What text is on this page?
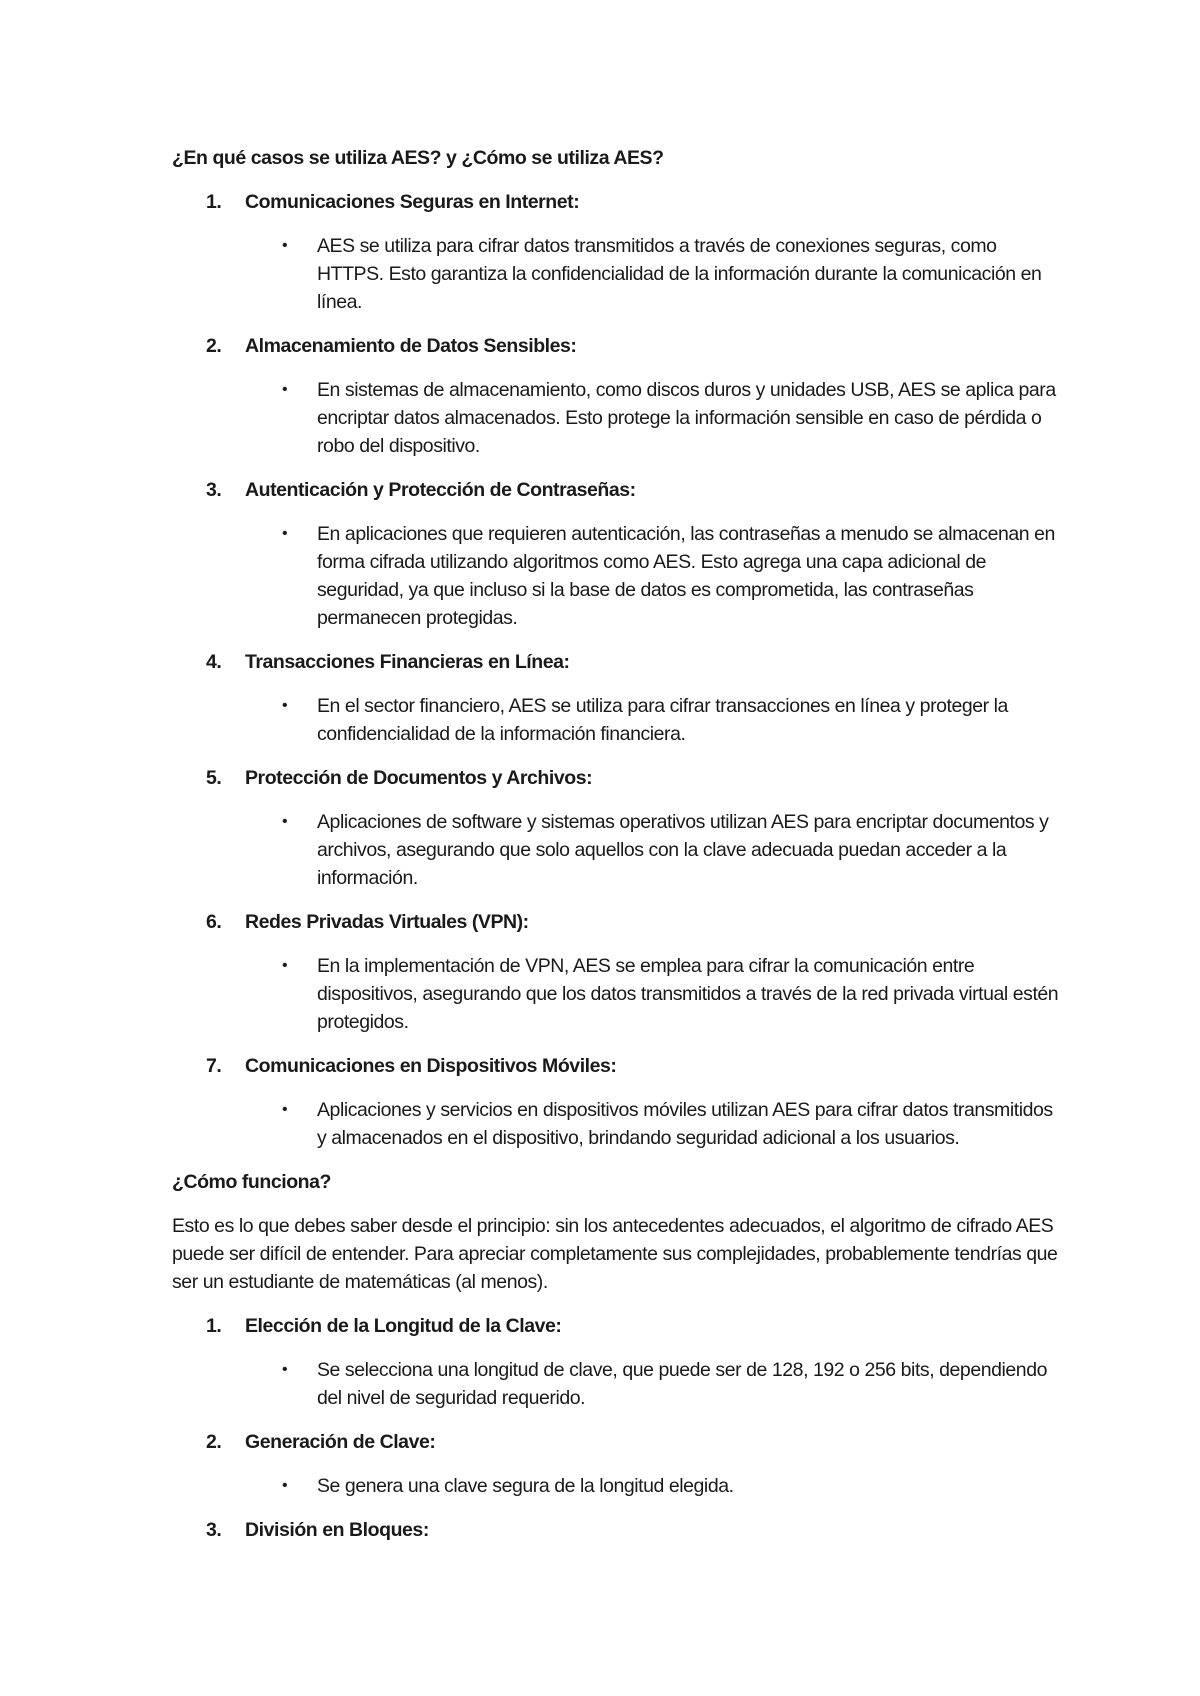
¿En qué casos se utiliza AES? y ¿Cómo se utiliza AES?
1. Comunicaciones Seguras en Internet:
• AES se utiliza para cifrar datos transmitidos a través de conexiones seguras, como HTTPS. Esto garantiza la confidencialidad de la información durante la comunicación en línea.
2. Almacenamiento de Datos Sensibles:
• En sistemas de almacenamiento, como discos duros y unidades USB, AES se aplica para encriptar datos almacenados. Esto protege la información sensible en caso de pérdida o robo del dispositivo.
3. Autenticación y Protección de Contraseñas:
• En aplicaciones que requieren autenticación, las contraseñas a menudo se almacenan en forma cifrada utilizando algoritmos como AES. Esto agrega una capa adicional de seguridad, ya que incluso si la base de datos es comprometida, las contraseñas permanecen protegidas.
4. Transacciones Financieras en Línea:
• En el sector financiero, AES se utiliza para cifrar transacciones en línea y proteger la confidencialidad de la información financiera.
5. Protección de Documentos y Archivos:
• Aplicaciones de software y sistemas operativos utilizan AES para encriptar documentos y archivos, asegurando que solo aquellos con la clave adecuada puedan acceder a la información.
6. Redes Privadas Virtuales (VPN):
• En la implementación de VPN, AES se emplea para cifrar la comunicación entre dispositivos, asegurando que los datos transmitidos a través de la red privada virtual estén protegidos.
7. Comunicaciones en Dispositivos Móviles:
• Aplicaciones y servicios en dispositivos móviles utilizan AES para cifrar datos transmitidos y almacenados en el dispositivo, brindando seguridad adicional a los usuarios.
¿Cómo funciona?
Esto es lo que debes saber desde el principio: sin los antecedentes adecuados, el algoritmo de cifrado AES puede ser difícil de entender. Para apreciar completamente sus complejidades, probablemente tendrías que ser un estudiante de matemáticas (al menos).
1. Elección de la Longitud de la Clave:
• Se selecciona una longitud de clave, que puede ser de 128, 192 o 256 bits, dependiendo del nivel de seguridad requerido.
2. Generación de Clave:
• Se genera una clave segura de la longitud elegida.
3. División en Bloques:
